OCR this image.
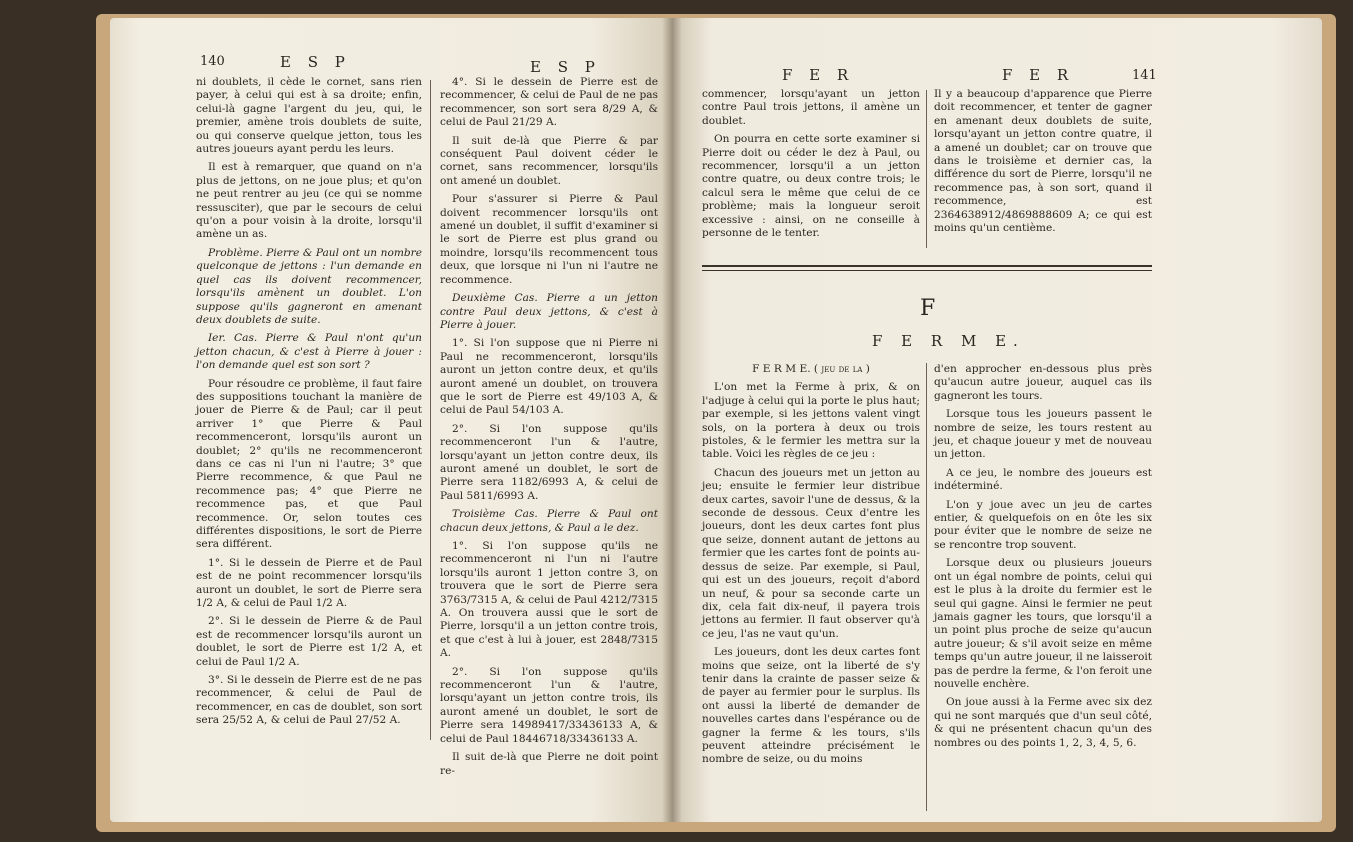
140	E S P	E S P

ni doublets, il cède le cornet, sans rien payer, à celui qui est à sa droite; enfin, celui-là gagne l'argent du jeu, qui, le premier, amène trois doublets de suite, ou qui conserve quelque jetton, tous les autres joueurs ayant perdu les leurs.

Il est à remarquer, que quand on n'a plus de jettons, on ne joue plus; et qu'on ne peut rentrer au jeu (ce qui se nomme ressusciter), que par le secours de celui qu'on a pour voisin à la droite, lorsqu'il amène un as.

Problème. Pierre & Paul ont un nombre quelconque de jettons : l'un demande en quel cas ils doivent recommencer, lorsqu'ils amènent un doublet. L'on suppose qu'ils gagneront en amenant deux doublets de suite.

Ier. Cas. Pierre & Paul n'ont qu'un jetton chacun, & c'est à Pierre à jouer : l'on demande quel est son sort ?

Pour résoudre ce problème, il faut faire des suppositions touchant la manière de jouer de Pierre & de Paul; car il peut arriver 1° que Pierre & Paul recommenceront, lorsqu'ils auront un doublet; 2° qu'ils ne recommenceront dans ce cas ni l'un ni l'autre; 3° que Pierre recommence, & que Paul ne recommence pas; 4° que Pierre ne recommence pas, et que Paul recommence. Or, selon toutes ces différentes dispositions, le sort de Pierre sera différent.

1°. Si le dessein de Pierre et de Paul est de ne point recommencer lorsqu'ils auront un doublet, le sort de Pierre sera 1/2 A, & celui de Paul 1/2 A.

2°. Si le dessein de Pierre & de Paul est de recommencer lorsqu'ils auront un doublet, le sort de Pierre est 1/2 A, et celui de Paul 1/2 A.

3°. Si le dessein de Pierre est de ne pas recommencer, & celui de Paul de recommencer, en cas de doublet, son sort sera 25/52 A, & celui de Paul 27/52 A.

4°. Si le dessein de Pierre est de recommencer, & celui de Paul de ne pas recommencer, son sort sera 8/29 A, & celui de Paul 21/29 A.

Il suit de-là que Pierre & par conséquent Paul doivent céder le cornet, sans recommencer, lorsqu'ils ont amené un doublet.

Pour s'assurer si Pierre & Paul doivent recommencer lorsqu'ils ont amené un doublet, il suffit d'examiner si le sort de Pierre est plus grand ou moindre, lorsqu'ils recommencent tous deux, que lorsque ni l'un ni l'autre ne recommence.

Deuxième Cas. Pierre a un jetton contre Paul deux jettons, & c'est à Pierre à jouer.

1°. Si l'on suppose que ni Pierre ni Paul ne recommenceront, lorsqu'ils auront un jetton contre deux, et qu'ils auront amené un doublet, on trouvera que le sort de Pierre est 49/103 A, & celui de Paul 54/103 A.

2°. Si l'on suppose qu'ils recommenceront l'un & l'autre, lorsqu'ayant un jetton contre deux, ils auront amené un doublet, le sort de Pierre sera 1182/6993 A, & celui de Paul 5811/6993 A.

Troisième Cas. Pierre & Paul ont chacun deux jettons, & Paul a le dez.

1°. Si l'on suppose qu'ils ne recommenceront ni l'un ni l'autre lorsqu'ils auront 1 jetton contre 3, on trouvera que le sort de Pierre sera 3763/7315 A, & celui de Paul 4212/7315 A. On trouvera aussi que le sort de Pierre, lorsqu'il a un jetton contre trois, et que c'est à lui à jouer, est 2848/7315 A.

2°. Si l'on suppose qu'ils recommenceront l'un & l'autre, lorsqu'ayant un jetton contre trois, ils auront amené un doublet, le sort de Pierre sera 14989417/33436133 A, & celui de Paul 18446718/33436133 A.

Il suit de-là que Pierre ne doit point re-

F E R	F E R	141

commencer, lorsqu'ayant un jetton contre Paul trois jettons, il amène un doublet.

On pourra en cette sorte examiner si Pierre doit ou céder le dez à Paul, ou recommencer, lorsqu'il a un jetton contre quatre, ou deux contre trois; le calcul sera le même que celui de ce problème; mais la longueur seroit excessive : ainsi, on ne conseille à personne de le tenter.

Il y a beaucoup d'apparence que Pierre doit recommencer, et tenter de gagner en amenant deux doublets de suite, lorsqu'ayant un jetton contre quatre, il a amené un doublet; car on trouve que dans le troisième et dernier cas, la différence du sort de Pierre, lorsqu'il ne recommence pas, à son sort, quand il recommence, est 2364638912/4869888609 A; ce qui est moins qu'un centième.

F
F E R M E.

F E R M E. ( jeu de la )

L'on met la Ferme à prix, & on l'adjuge à celui qui la porte le plus haut; par exemple, si les jettons valent vingt sols, on la portera à deux ou trois pistoles, & le fermier les mettra sur la table. Voici les règles de ce jeu :

Chacun des joueurs met un jetton au jeu; ensuite le fermier leur distribue deux cartes, savoir l'une de dessus, & la seconde de dessous. Ceux d'entre les joueurs, dont les deux cartes font plus que seize, donnent autant de jettons au fermier que les cartes font de points au-dessus de seize. Par exemple, si Paul, qui est un des joueurs, reçoit d'abord un neuf, & pour sa seconde carte un dix, cela fait dix-neuf, il payera trois jettons au fermier. Il faut observer qu'à ce jeu, l'as ne vaut qu'un.

Les joueurs, dont les deux cartes font moins que seize, ont la liberté de s'y tenir dans la crainte de passer seize & de payer au fermier pour le surplus. Ils ont aussi la liberté de demander de nouvelles cartes dans l'espérance ou de gagner la ferme & les tours, s'ils peuvent atteindre précisément le nombre de seize, ou du moins

d'en approcher en-dessous plus près qu'aucun autre joueur, auquel cas ils gagneront les tours.

Lorsque tous les joueurs passent le nombre de seize, les tours restent au jeu, et chaque joueur y met de nouveau un jetton.

A ce jeu, le nombre des joueurs est indéterminé.

L'on y joue avec un jeu de cartes entier, & quelquefois on en ôte les six pour éviter que le nombre de seize ne se rencontre trop souvent.

Lorsque deux ou plusieurs joueurs ont un égal nombre de points, celui qui est le plus à la droite du fermier est le seul qui gagne. Ainsi le fermier ne peut jamais gagner les tours, que lorsqu'il a un point plus proche de seize qu'aucun autre joueur; & s'il avoit seize en même temps qu'un autre joueur, il ne laisseroit pas de perdre la ferme, & l'on feroit une nouvelle enchère.

On joue aussi à la Ferme avec six dez qui ne sont marqués que d'un seul côté, & qui ne présentent chacun qu'un des nombres ou des points 1, 2, 3, 4, 5, 6.
